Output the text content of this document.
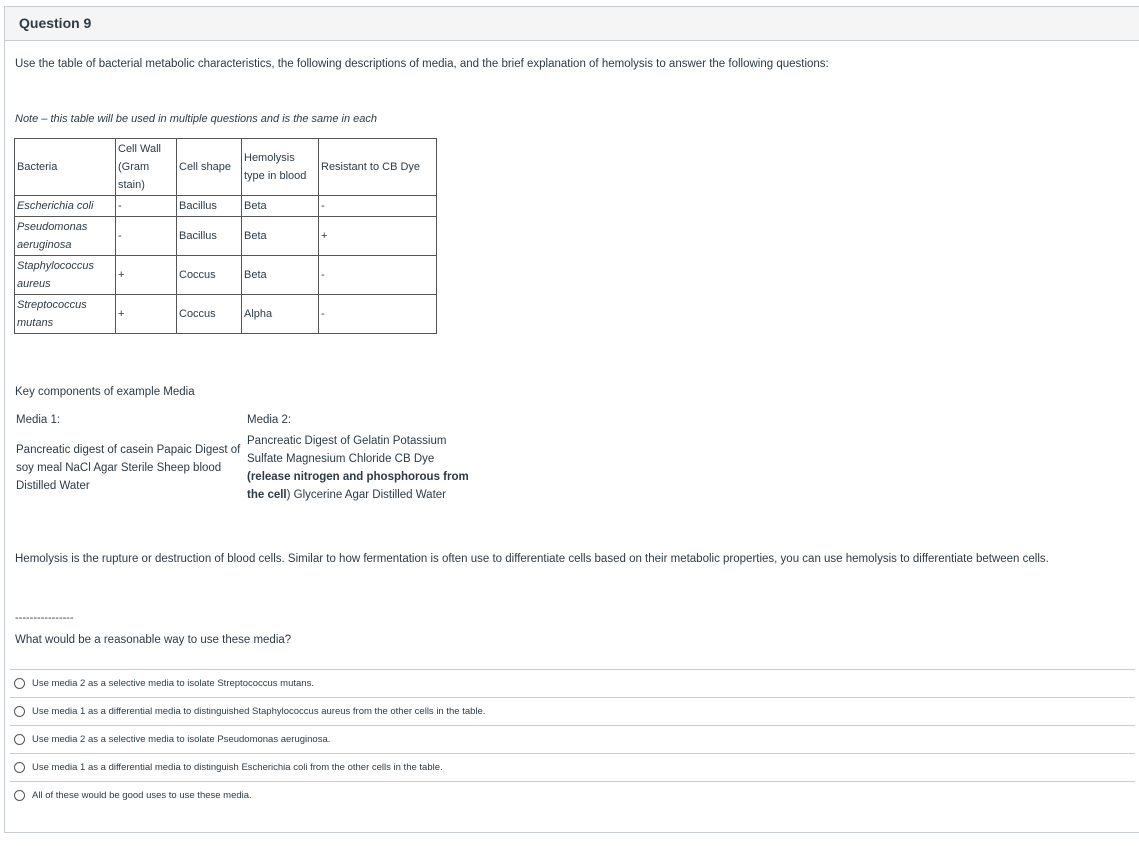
Question 9
Use the table of bacterial metabolic characteristics, the following descriptions of media, and the brief explanation of hemolysis to answer the following questions:
Note – this table will be used in multiple questions and is the same in each
Bacteria	Cell Wall (Gram stain)	Cell shape	Hemolysis type in blood	Resistant to CB Dye
Escherichia coli	-	Bacillus	Beta	-
Pseudomonas aeruginosa	-	Bacillus	Beta	+
Staphylococcus aureus	+	Coccus	Beta	-
Streptococcus mutans	+	Coccus	Alpha	-
Key components of example Media
Media 1:	Media 2:
Pancreatic digest of casein Papaic Digest of soy meal NaCl Agar Sterile Sheep blood Distilled Water
Pancreatic Digest of Gelatin Potassium Sulfate Magnesium Chloride CB Dye (release nitrogen and phosphorous from the cell) Glycerine Agar Distilled Water
Hemolysis is the rupture or destruction of blood cells. Similar to how fermentation is often use to differentiate cells based on their metabolic properties, you can use hemolysis to differentiate between cells.
----------------
What would be a reasonable way to use these media?
Use media 2 as a selective media to isolate Streptococcus mutans.
Use media 1 as a differential media to distinguished Staphylococcus aureus from the other cells in the table.
Use media 2 as a selective media to isolate Pseudomonas aeruginosa.
Use media 1 as a differential media to distinguish Escherichia coli from the other cells in the table.
All of these would be good uses to use these media.
